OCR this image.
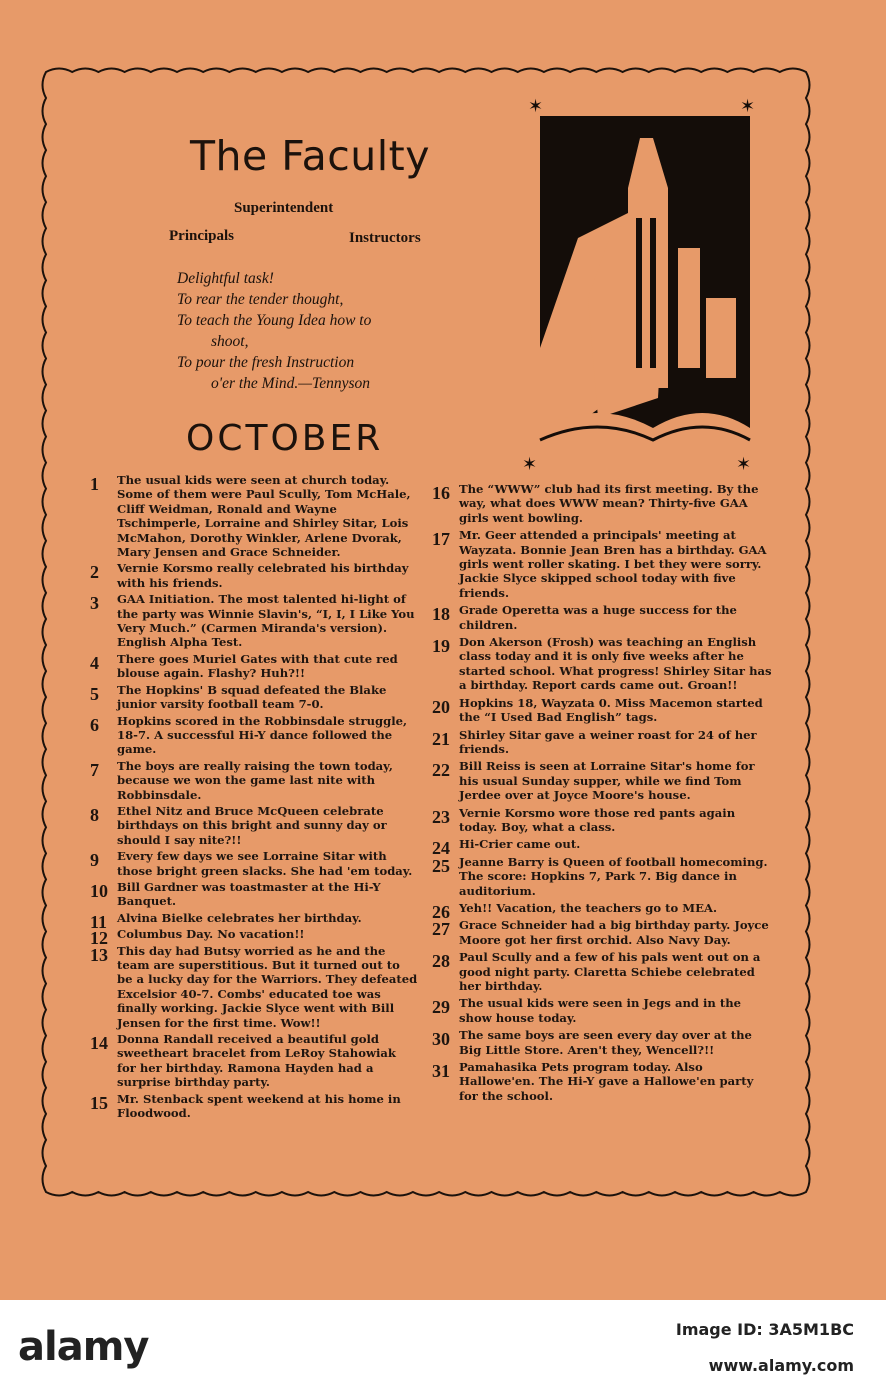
The Faculty
Superintendent
Principals	Instructors
Delightful task!
To rear the tender thought,
To teach the Young Idea how to
shoot,
To pour the fresh Instruction
o'er the Mind.—Tennyson
OCTOBER
✶	✶
✶	✶
1 The usual kids were seen at church today. Some of them were Paul Scully, Tom McHale, Cliff Weidman, Ronald and Wayne Tschimperle, Lorraine and Shirley Sitar, Lois McMahon, Dorothy Winkler, Arlene Dvorak, Mary Jensen and Grace Schneider.
2 Vernie Korsmo really celebrated his birthday with his friends.
3 GAA Initiation. The most talented hi-light of the party was Winnie Slavin's, “I, I, I Like You Very Much.” (Carmen Miranda's version). English Alpha Test.
4 There goes Muriel Gates with that cute red blouse again. Flashy? Huh?!!
5 The Hopkins' B squad defeated the Blake junior varsity football team 7-0.
6 Hopkins scored in the Robbinsdale struggle, 18-7. A successful Hi-Y dance followed the game.
7 The boys are really raising the town today, because we won the game last nite with Robbinsdale.
8 Ethel Nitz and Bruce McQueen celebrate birthdays on this bright and sunny day or should I say nite?!!
9 Every few days we see Lorraine Sitar with those bright green slacks. She had 'em today.
10 Bill Gardner was toastmaster at the Hi-Y Banquet.
11 Alvina Bielke celebrates her birthday.
12 Columbus Day. No vacation!!
13 This day had Butsy worried as he and the team are superstitious. But it turned out to be a lucky day for the Warriors. They defeated Excelsior 40-7. Combs' educated toe was finally working. Jackie Slyce went with Bill Jensen for the first time. Wow!!
14 Donna Randall received a beautiful gold sweetheart bracelet from LeRoy Stahowiak for her birthday. Ramona Hayden had a surprise birthday party.
15 Mr. Stenback spent weekend at his home in Floodwood.
16 The “WWW” club had its first meeting. By the way, what does WWW mean? Thirty-five GAA girls went bowling.
17 Mr. Geer attended a principals' meeting at Wayzata. Bonnie Jean Bren has a birthday. GAA girls went roller skating. I bet they were sorry. Jackie Slyce skipped school today with five friends.
18 Grade Operetta was a huge success for the children.
19 Don Akerson (Frosh) was teaching an English class today and it is only five weeks after he started school. What progress! Shirley Sitar has a birthday. Report cards came out. Groan!!
20 Hopkins 18, Wayzata 0. Miss Macemon started the “I Used Bad English” tags.
21 Shirley Sitar gave a weiner roast for 24 of her friends.
22 Bill Reiss is seen at Lorraine Sitar's home for his usual Sunday supper, while we find Tom Jerdee over at Joyce Moore's house.
23 Vernie Korsmo wore those red pants again today. Boy, what a class.
24 Hi-Crier came out.
25 Jeanne Barry is Queen of football homecoming. The score: Hopkins 7, Park 7. Big dance in auditorium.
26 Yeh!! Vacation, the teachers go to MEA.
27 Grace Schneider had a big birthday party. Joyce Moore got her first orchid. Also Navy Day.
28 Paul Scully and a few of his pals went out on a good night party. Claretta Schiebe celebrated her birthday.
29 The usual kids were seen in Jegs and in the show house today.
30 The same boys are seen every day over at the Big Little Store. Aren't they, Wencell?!!
31 Pamahasika Pets program today. Also Hallowe'en. The Hi-Y gave a Hallowe'en party for the school.
alamy	Image ID: 3A5M1BC
www.alamy.com
